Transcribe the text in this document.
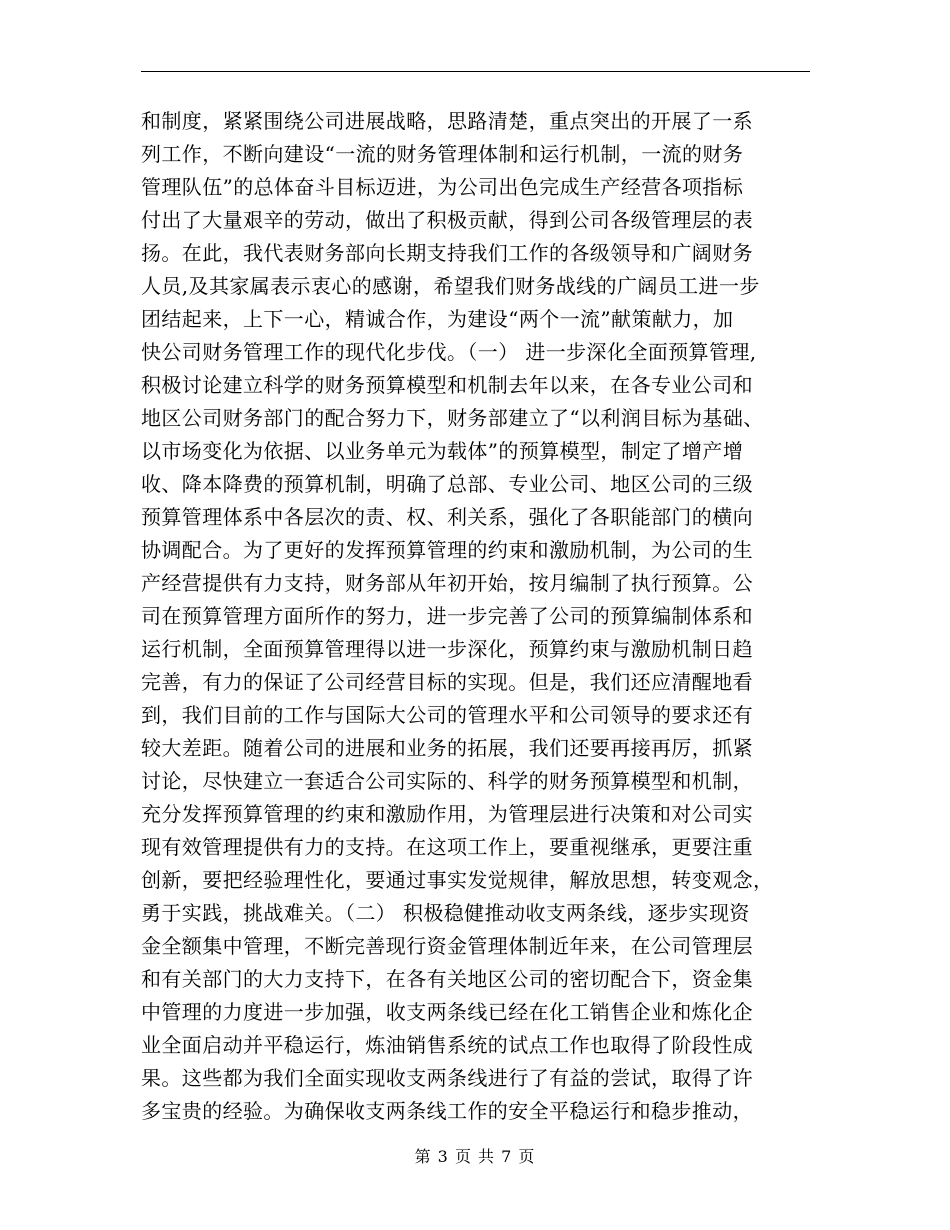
和制度，紧紧围绕公司进展战略，思路清楚，重点突出的开展了一系
列工作，不断向建设“一流的财务管理体制和运行机制，一流的财务
管理队伍”的总体奋斗目标迈进，为公司出色完成生产经营各项指标
付出了大量艰辛的劳动，做出了积极贡献，得到公司各级管理层的表
扬。在此，我代表财务部向长期支持我们工作的各级领导和广阔财务
人员,及其家属表示衷心的感谢，希望我们财务战线的广阔员工进一步
团结起来，上下一心，精诚合作，为建设“两个一流”献策献力，加
快公司财务管理工作的现代化步伐。（一） 进一步深化全面预算管理,
积极讨论建立科学的财务预算模型和机制去年以来，在各专业公司和
地区公司财务部门的配合努力下，财务部建立了“以利润目标为基础、
以市场变化为依据、以业务单元为载体”的预算模型，制定了增产增
收、降本降费的预算机制，明确了总部、专业公司、地区公司的三级
预算管理体系中各层次的责、权、利关系，强化了各职能部门的横向
协调配合。为了更好的发挥预算管理的约束和激励机制，为公司的生
产经营提供有力支持，财务部从年初开始，按月编制了执行预算。公
司在预算管理方面所作的努力，进一步完善了公司的预算编制体系和
运行机制，全面预算管理得以进一步深化，预算约束与激励机制日趋
完善，有力的保证了公司经营目标的实现。但是，我们还应清醒地看
到，我们目前的工作与国际大公司的管理水平和公司领导的要求还有
较大差距。随着公司的进展和业务的拓展，我们还要再接再厉，抓紧
讨论，尽快建立一套适合公司实际的、科学的财务预算模型和机制，
充分发挥预算管理的约束和激励作用，为管理层进行决策和对公司实
现有效管理提供有力的支持。在这项工作上，要重视继承，更要注重
创新，要把经验理性化，要通过事实发觉规律，解放思想，转变观念，
勇于实践，挑战难关。（二） 积极稳健推动收支两条线，逐步实现资
金全额集中管理，不断完善现行资金管理体制近年来，在公司管理层
和有关部门的大力支持下，在各有关地区公司的密切配合下，资金集
中管理的力度进一步加强，收支两条线已经在化工销售企业和炼化企
业全面启动并平稳运行，炼油销售系统的试点工作也取得了阶段性成
果。这些都为我们全面实现收支两条线进行了有益的尝试，取得了许
多宝贵的经验。为确保收支两条线工作的安全平稳运行和稳步推动，
第 3 页 共 7 页
